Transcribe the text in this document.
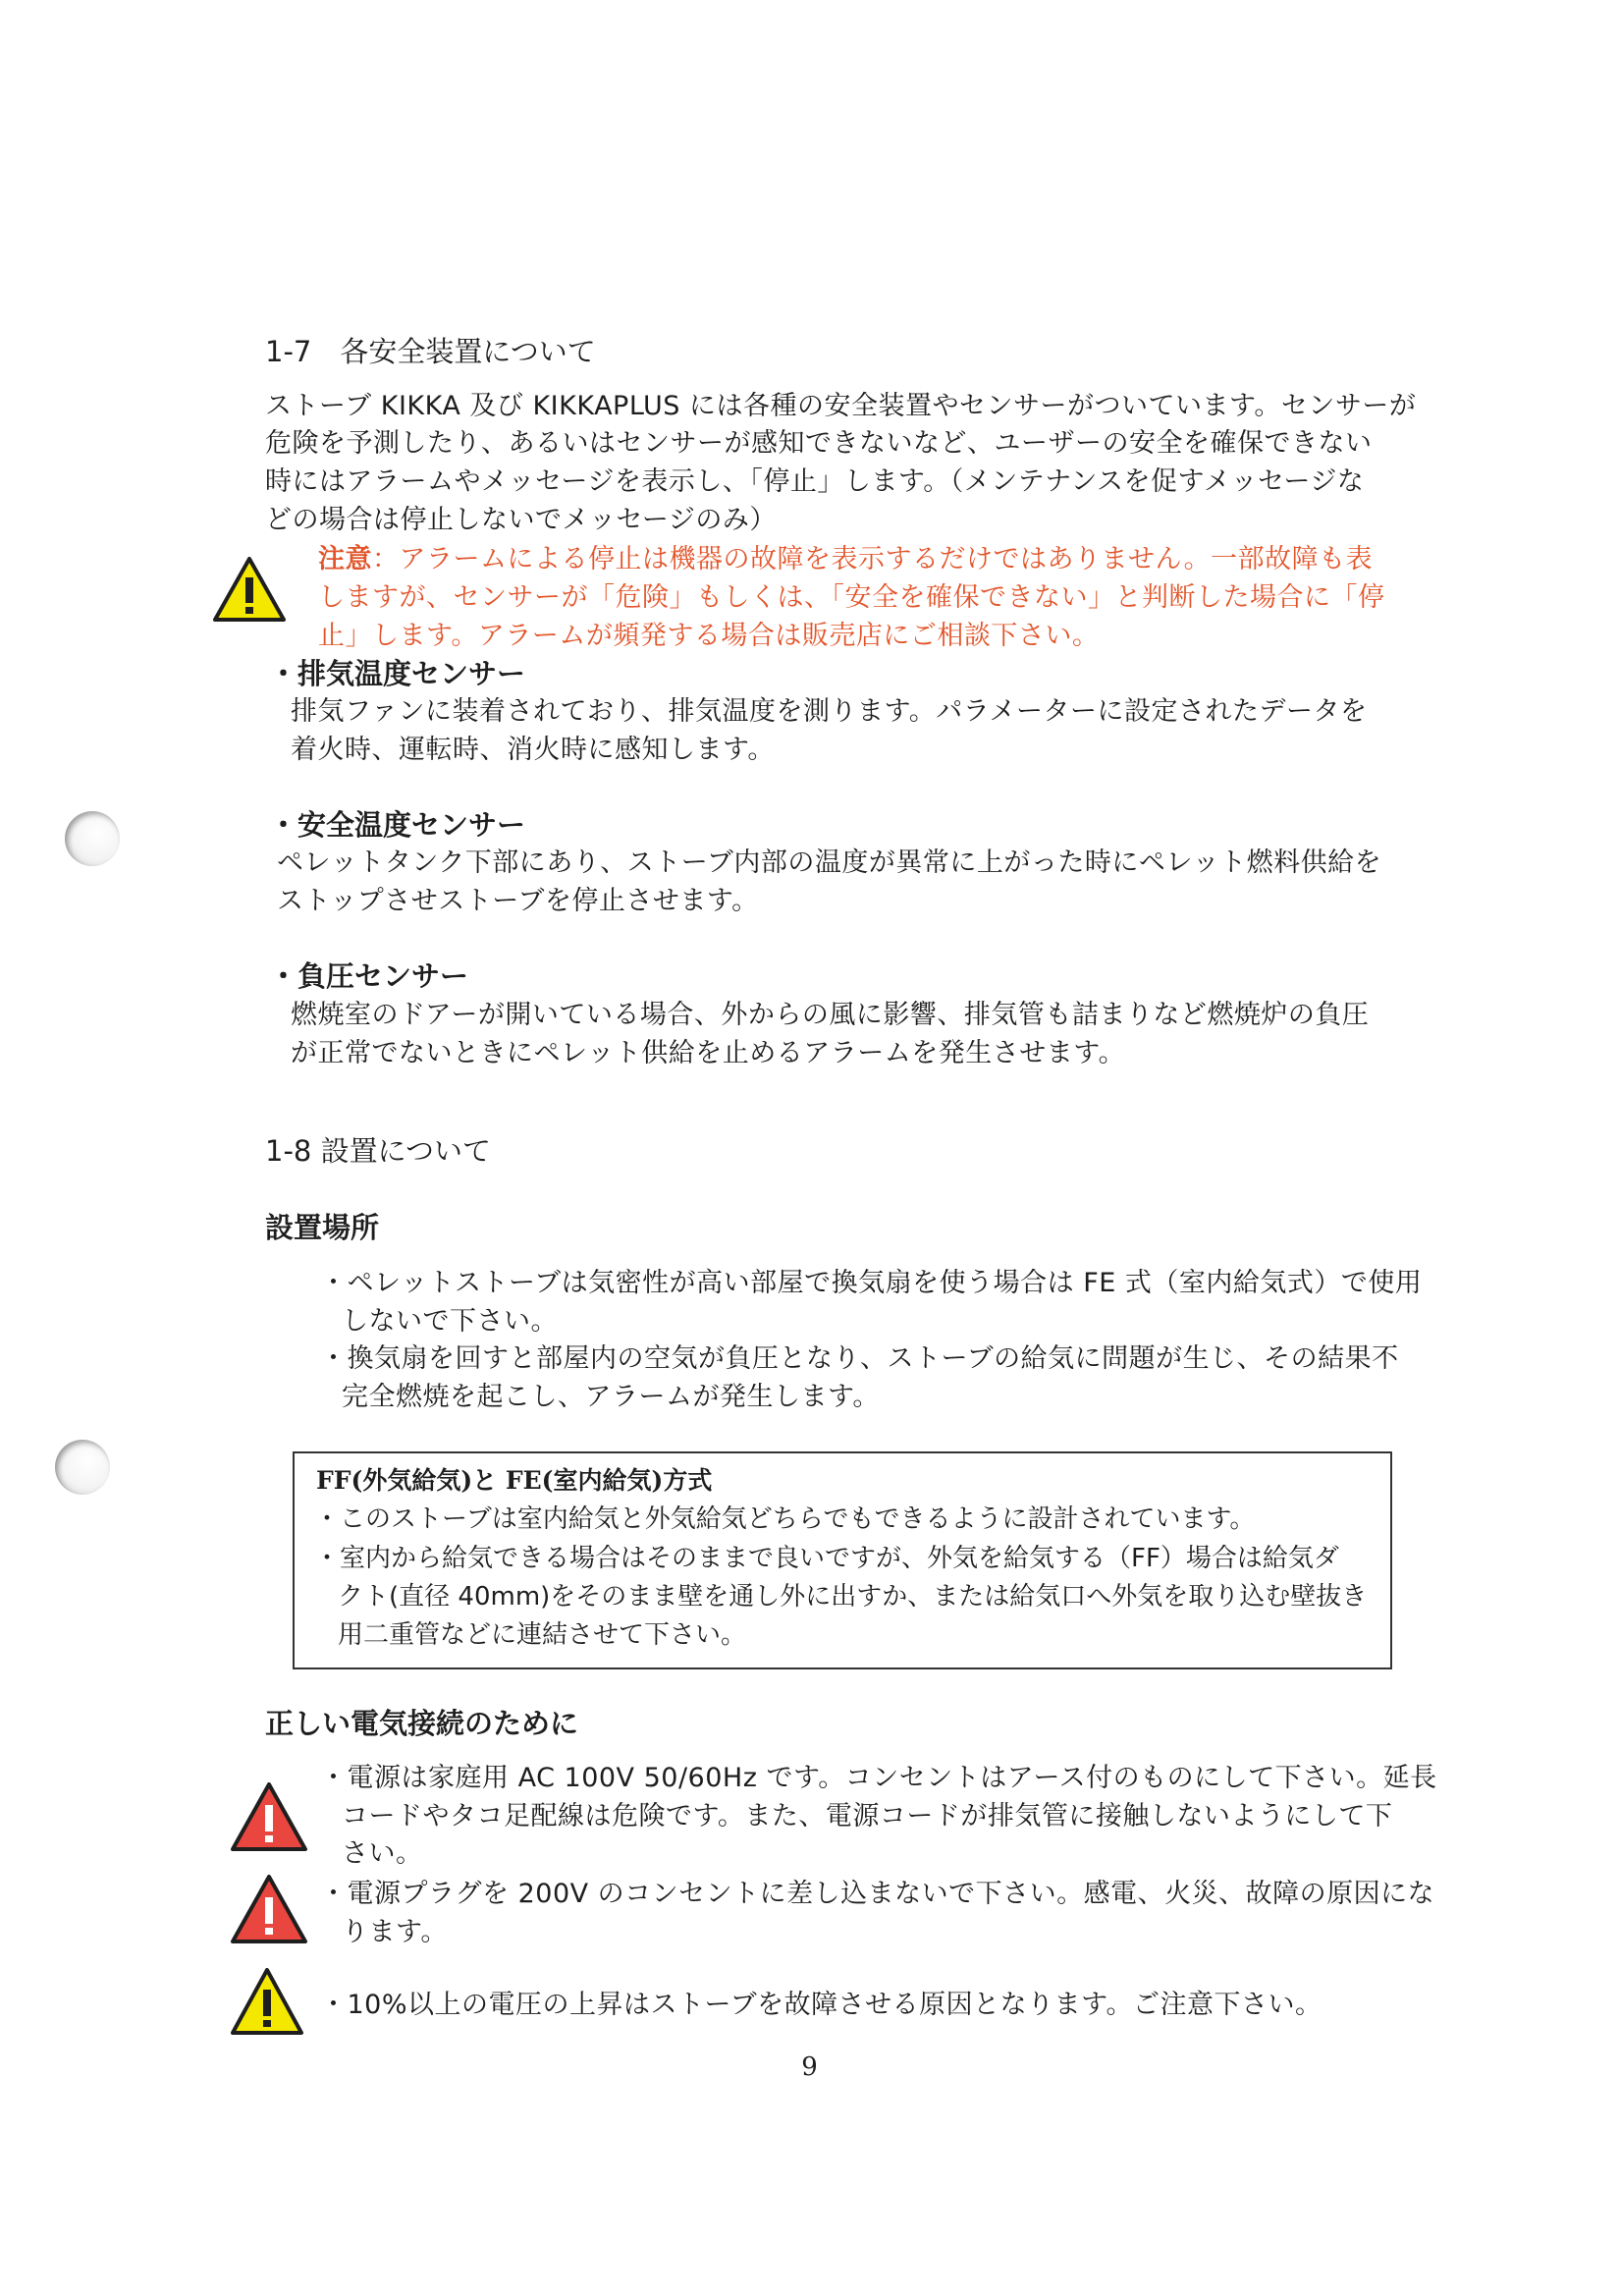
1-7　各安全装置について
ストーブ KIKKA 及び KIKKAPLUS には各種の安全装置やセンサーがついています。センサーが
危険を予測したり、あるいはセンサーが感知できないなど、ユーザーの安全を確保できない
時にはアラームやメッセージを表示し、「停止」します。（メンテナンスを促すメッセージな
どの場合は停止しないでメッセージのみ）
注意：アラームによる停止は機器の故障を表示するだけではありません。一部故障も表
しますが、センサーが「危険」もしくは、「安全を確保できない」と判断した場合に「停
止」します。アラームが頻発する場合は販売店にご相談下さい。
・排気温度センサー
排気ファンに装着されており、排気温度を測ります。パラメーターに設定されたデータを
着火時、運転時、消火時に感知します。
・安全温度センサー
ペレットタンク下部にあり、ストーブ内部の温度が異常に上がった時にペレット燃料供給を
ストップさせストーブを停止させます。
・負圧センサー
燃焼室のドアーが開いている場合、外からの風に影響、排気管も詰まりなど燃焼炉の負圧
が正常でないときにペレット供給を止めるアラームを発生させます。
1-8 設置について
設置場所
・ペレットストーブは気密性が高い部屋で換気扇を使う場合は FE 式（室内給気式）で使用
しないで下さい。
・換気扇を回すと部屋内の空気が負圧となり、ストーブの給気に問題が生じ、その結果不
完全燃焼を起こし、アラームが発生します。
FF(外気給気)と FE(室内給気)方式
・このストーブは室内給気と外気給気どちらでもできるように設計されています。
・室内から給気できる場合はそのままで良いですが、外気を給気する（FF）場合は給気ダ
クト(直径 40mm)をそのまま壁を通し外に出すか、または給気口へ外気を取り込む壁抜き
用二重管などに連結させて下さい。
正しい電気接続のために
・電源は家庭用 AC 100V 50/60Hz です。コンセントはアース付のものにして下さい。延長
コードやタコ足配線は危険です。また、電源コードが排気管に接触しないようにして下
さい。
・電源プラグを 200V のコンセントに差し込まないで下さい。感電、火災、故障の原因にな
ります。
・10%以上の電圧の上昇はストーブを故障させる原因となります。ご注意下さい。
9
